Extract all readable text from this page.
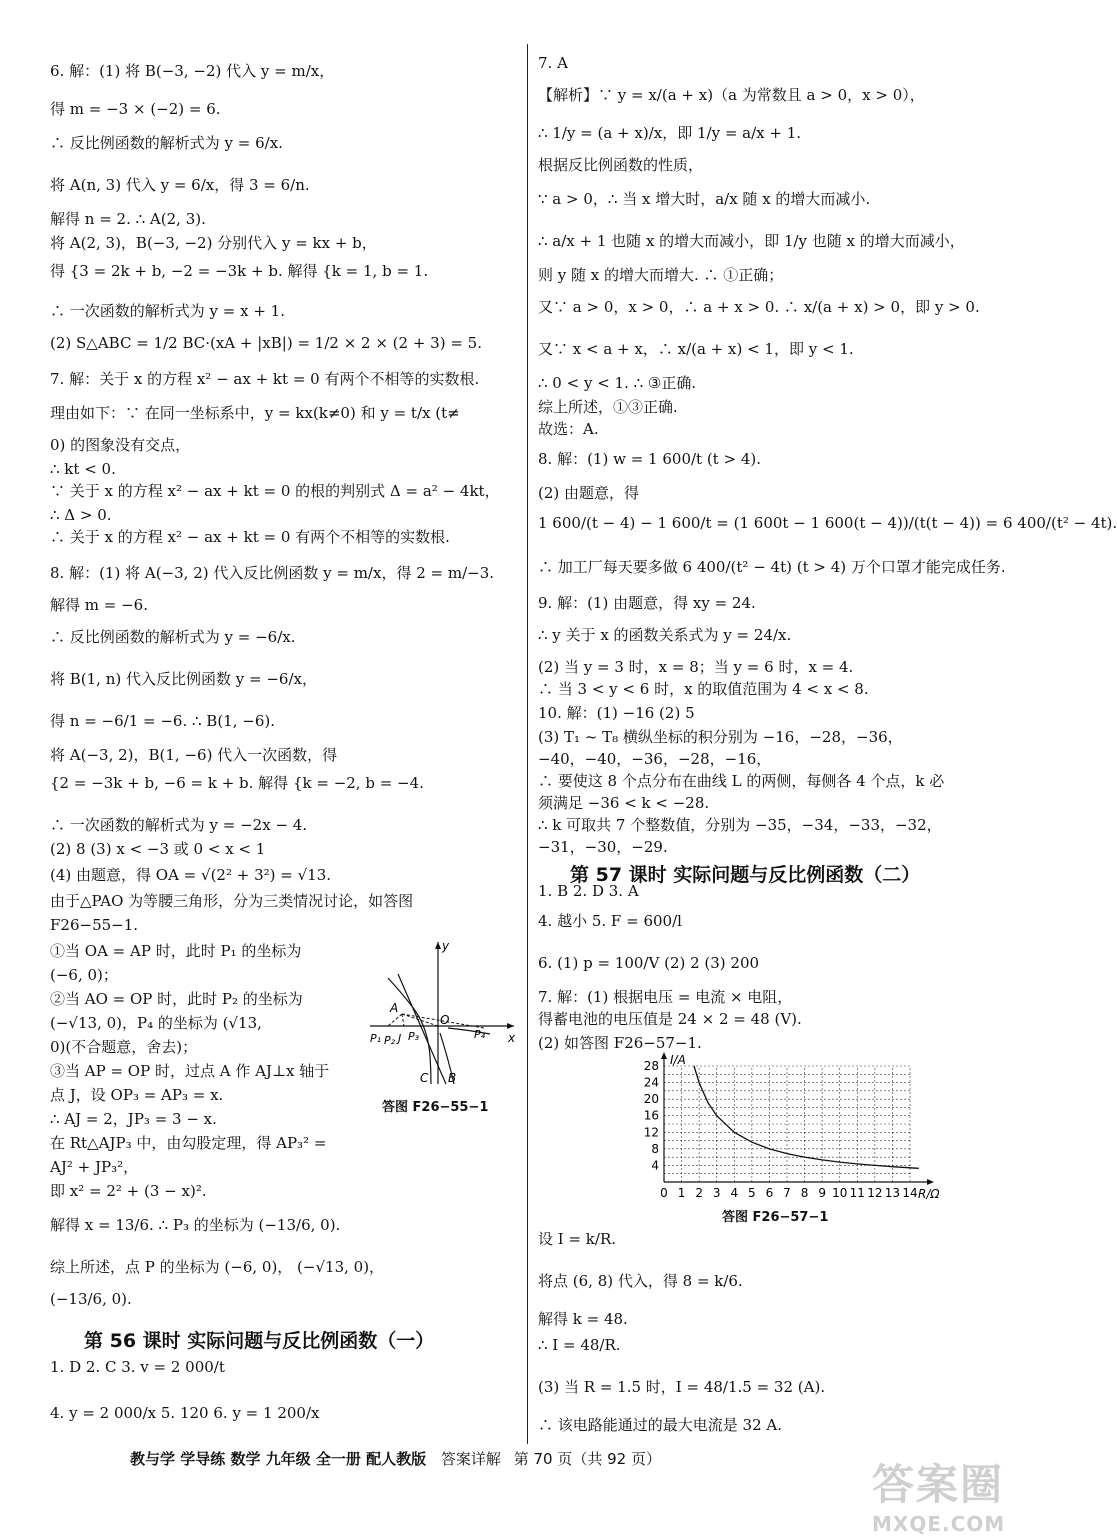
6. 解：(1) 将 B(−3, −2) 代入 y = m/x，
得 m = −3 × (−2) = 6.
∴ 反比例函数的解析式为 y = 6/x.
将 A(n, 3) 代入 y = 6/x，得 3 = 6/n.
解得 n = 2. ∴ A(2, 3).
将 A(2, 3)，B(−3, −2) 分别代入 y = kx + b，
得 {3 = 2k + b, −2 = −3k + b. 解得 {k = 1, b = 1.
∴ 一次函数的解析式为 y = x + 1.
(2) S△ABC = 1/2 BC·(xA + |xB|) = 1/2 × 2 × (2 + 3) = 5.
7. 解：关于 x 的方程 x² − ax + kt = 0 有两个不相等的实数根.
理由如下：∵ 在同一坐标系中，y = kx(k≠0) 和 y = t/x (t≠
0) 的图象没有交点，
∴ kt < 0.
∵ 关于 x 的方程 x² − ax + kt = 0 的根的判别式 Δ = a² − 4kt，
∴ Δ > 0.
∴ 关于 x 的方程 x² − ax + kt = 0 有两个不相等的实数根.
8. 解：(1) 将 A(−3, 2) 代入反比例函数 y = m/x，得 2 = m/−3.
解得 m = −6.
∴ 反比例函数的解析式为 y = −6/x.
将 B(1, n) 代入反比例函数 y = −6/x，
得 n = −6/1 = −6. ∴ B(1, −6).
将 A(−3, 2)，B(1, −6) 代入一次函数，得
{2 = −3k + b, −6 = k + b. 解得 {k = −2, b = −4.
∴ 一次函数的解析式为 y = −2x − 4.
(2) 8 (3) x < −3 或 0 < x < 1
(4) 由题意，得 OA = √(2² + 3²) = √13.
由于△PAO 为等腰三角形，分为三类情况讨论，如答图
F26−55−1.
①当 OA = AP 时，此时 P₁ 的坐标为
(−6, 0)；
②当 AO = OP 时，此时 P₂ 的坐标为
(−√13, 0)，P₄ 的坐标为 (√13,
0)(不合题意，舍去)；
③当 AP = OP 时，过点 A 作 AJ⊥x 轴于
点 J，设 OP₃ = AP₃ = x.
∴ AJ = 2，JP₃ = 3 − x.
在 Rt△AJP₃ 中，由勾股定理，得 AP₃² =
AJ² + JP₃²，
即 x² = 2² + (3 − x)².
解得 x = 13/6. ∴ P₃ 的坐标为 (−13/6, 0).
综上所述，点 P 的坐标为 (−6, 0)， (−√13, 0)，
(−13/6, 0).
第 56 课时 实际问题与反比例函数（一）
1. D 2. C 3. v = 2 000/t
4. y = 2 000/x 5. 120 6. y = 1 200/x
y
x
A
J
O
P₁ P₂ P₃	P₄
C B
答图 F26−55−1
7. A
【解析】∵ y = x/(a + x)（a 为常数且 a > 0，x > 0），
∴ 1/y = (a + x)/x，即 1/y = a/x + 1.
根据反比例函数的性质，
∵ a > 0，∴ 当 x 增大时，a/x 随 x 的增大而减小.
∴ a/x + 1 也随 x 的增大而减小，即 1/y 也随 x 的增大而减小，
则 y 随 x 的增大而增大. ∴ ①正确；
又∵ a > 0，x > 0，∴ a + x > 0. ∴ x/(a + x) > 0，即 y > 0.
又∵ x < a + x，∴ x/(a + x) < 1，即 y < 1.
∴ 0 < y < 1. ∴ ③正确.
综上所述，①③正确.
故选：A.
8. 解：(1) w = 1 600/t (t > 4).
(2) 由题意，得
1 600/(t − 4) − 1 600/t = (1 600t − 1 600(t − 4))/(t(t − 4)) = 6 400/(t² − 4t).
∴ 加工厂每天要多做 6 400/(t² − 4t) (t > 4) 万个口罩才能完成任务.
9. 解：(1) 由题意，得 xy = 24.
∴ y 关于 x 的函数关系式为 y = 24/x.
(2) 当 y = 3 时，x = 8；当 y = 6 时，x = 4.
∴ 当 3 < y < 6 时，x 的取值范围为 4 < x < 8.
10. 解：(1) −16 (2) 5
(3) T₁ ~ T₈ 横纵坐标的积分别为 −16，−28，−36，
−40，−40，−36，−28，−16，
∴ 要使这 8 个点分布在曲线 L 的两侧，每侧各 4 个点，k 必
须满足 −36 < k < −28.
∴ k 可取共 7 个整数值，分别为 −35，−34，−33，−32，
−31，−30，−29.
第 57 课时 实际问题与反比例函数（二）
1. B 2. D 3. A
4. 越小 5. F = 600/l
6. (1) p = 100/V (2) 2 (3) 200
7. 解：(1) 根据电压 = 电流 × 电阻，
得蓄电池的电压值是 24 × 2 = 48 (V).
(2) 如答图 F26−57−1.
0 1 2 3 4 5 6 7 8 9 10 11 12 13 14
4
8
12
16
20
24
28 I/A
R/Ω
答图 F26−57−1
设 I = k/R.
将点 (6, 8) 代入，得 8 = k/6.
解得 k = 48.
∴ I = 48/R.
(3) 当 R = 1.5 时，I = 48/1.5 = 32 (A).
∴ 该电路能通过的最大电流是 32 A.
教与学 学导练 数学 九年级 全一册 配人教版 答案详解 第 70 页（共 92 页）
答案圈
MXQE.COM
